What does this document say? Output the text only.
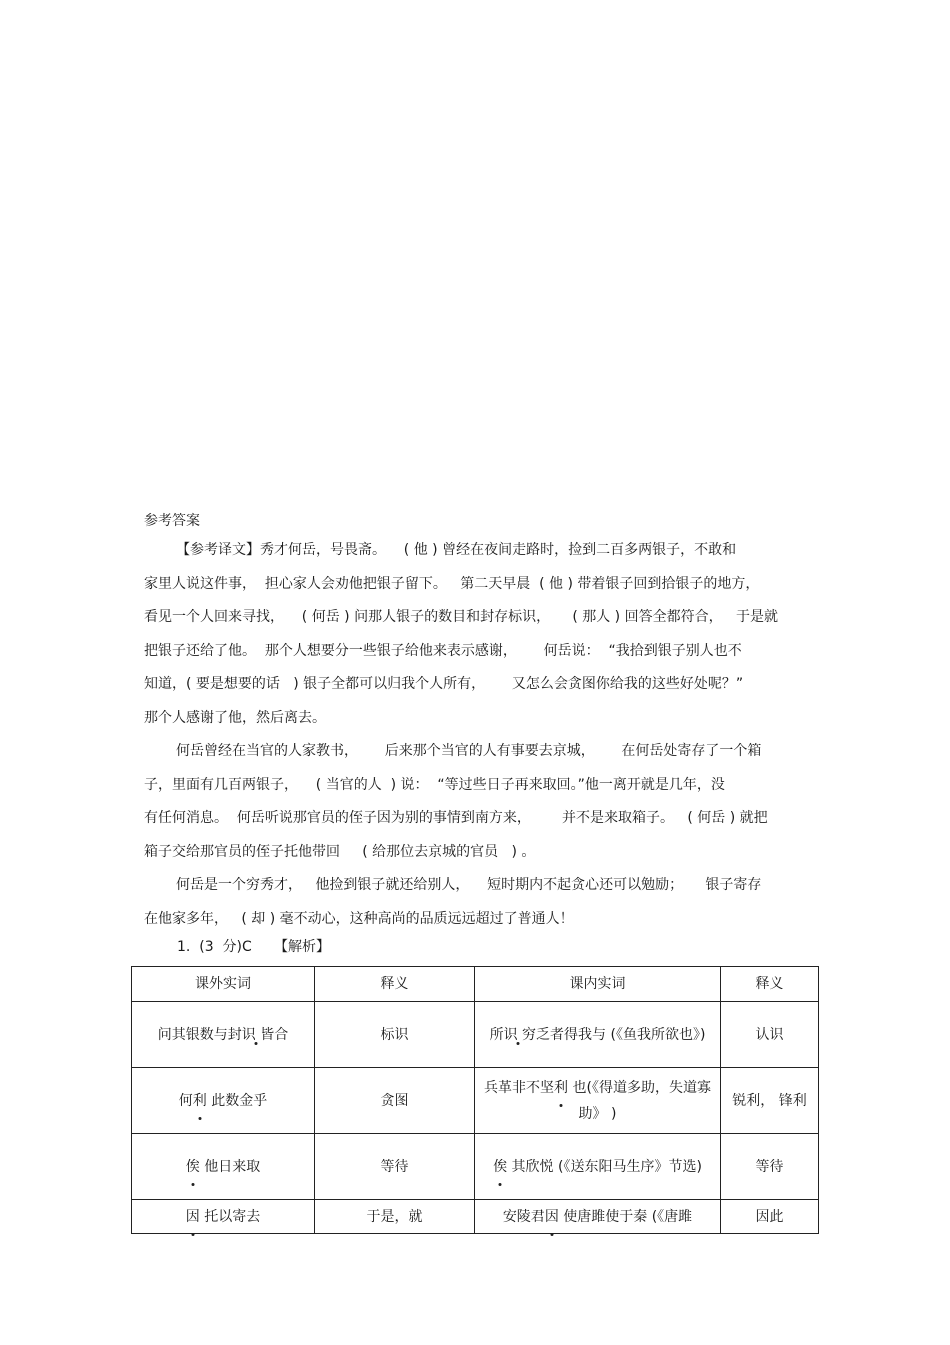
参考答案
【参考译文】秀才何岳，号畏斋。    ( 他 ) 曾经在夜间走路时，捡到二百多两银子，不敢和
家里人说这件事，  担心家人会劝他把银子留下。   第二天早晨  ( 他 ) 带着银子回到拾银子的地方，
看见一个人回来寻找，    ( 何岳 ) 问那人银子的数目和封存标识，     ( 那人 ) 回答全都符合，   于是就
把银子还给了他。  那个人想要分一些银子给他来表示感谢，      何岳说：  “我拾到银子别人也不
知道，( 要是想要的话   ) 银子全都可以归我个人所有，      又怎么会贪图你给我的这些好处呢？”
那个人感谢了他，然后离去。
何岳曾经在当官的人家教书，      后来那个当官的人有事要去京城，      在何岳处寄存了一个箱
子，里面有几百两银子，    ( 当官的人  ) 说：  “等过些日子再来取回。”他一离开就是几年，没
有任何消息。  何岳听说那官员的侄子因为别的事情到南方来，       并不是来取箱子。   ( 何岳 ) 就把
箱子交给那官员的侄子托他带回     ( 给那位去京城的官员   ) 。
何岳是一个穷秀才，   他捡到银子就还给别人，    短时期内不起贪心还可以勉励；     银子寄存
在他家多年，   ( 却 ) 毫不动心，这种高尚的品质远远超过了普通人！
1.  (3  分)C     【解析】
课外实词	释义	课内实词	释义
问其银数与封识 皆合	标识	所识 穷乏者得我与 (《鱼我所欲也》)	认识
何利 此数金乎	贪图	兵革非不坚利 也(《得道多助，失道寡助》 )	锐利， 锋利
俟 他日来取	等待	俟 其欣悦 (《送东阳马生序》节选)	等待
因 托以寄去	于是，就	安陵君因 使唐雎使于秦 (《唐雎	因此
